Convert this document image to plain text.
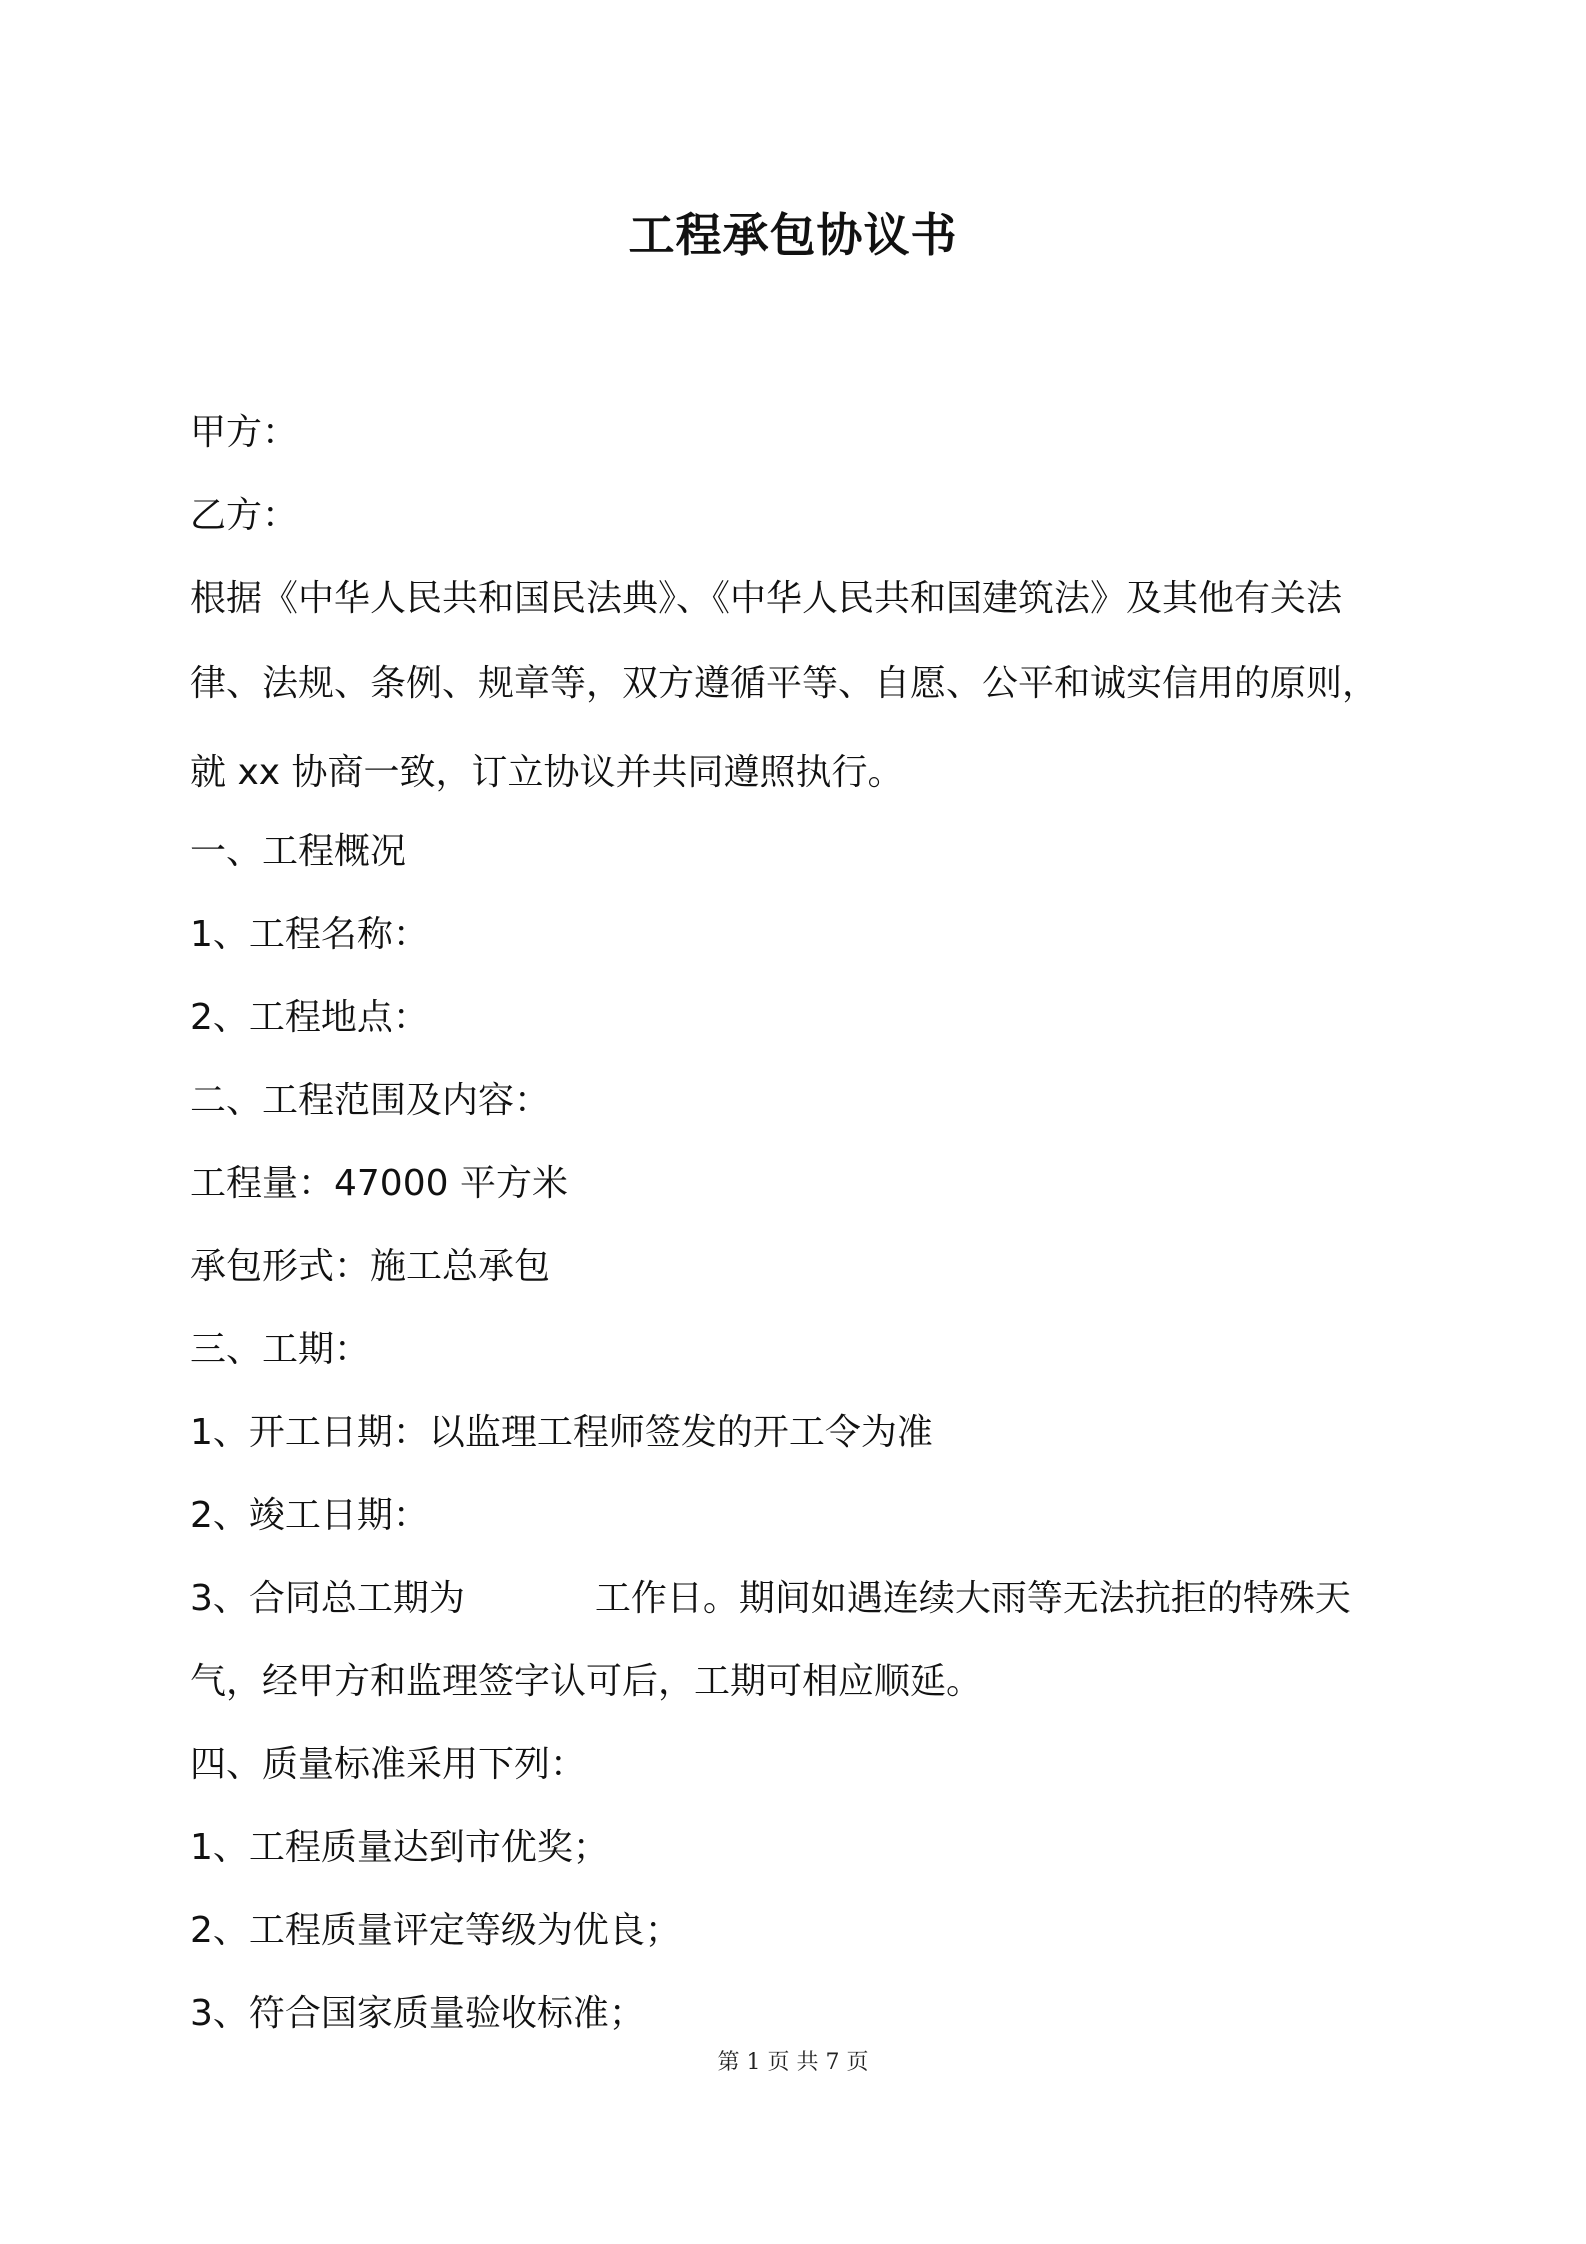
工程承包协议书
甲方：
乙方：
根据《中华人民共和国民法典》、《中华人民共和国建筑法》及其他有关法
律、法规、条例、规章等，双方遵循平等、自愿、公平和诚实信用的原则，
就 xx 协商一致，订立协议并共同遵照执行。
一、工程概况
1、工程名称：
2、工程地点：
二、工程范围及内容：
工程量：47000 平方米
承包形式：施工总承包
三、工期：
1、开工日期：以监理工程师签发的开工令为准
2、竣工日期：
3、合同总工期为	工作日。期间如遇连续大雨等无法抗拒的特殊天
气，经甲方和监理签字认可后，工期可相应顺延。
四、质量标准采用下列：
1、工程质量达到市优奖；
2、工程质量评定等级为优良；
3、符合国家质量验收标准；
第 1 页 共 7 页
